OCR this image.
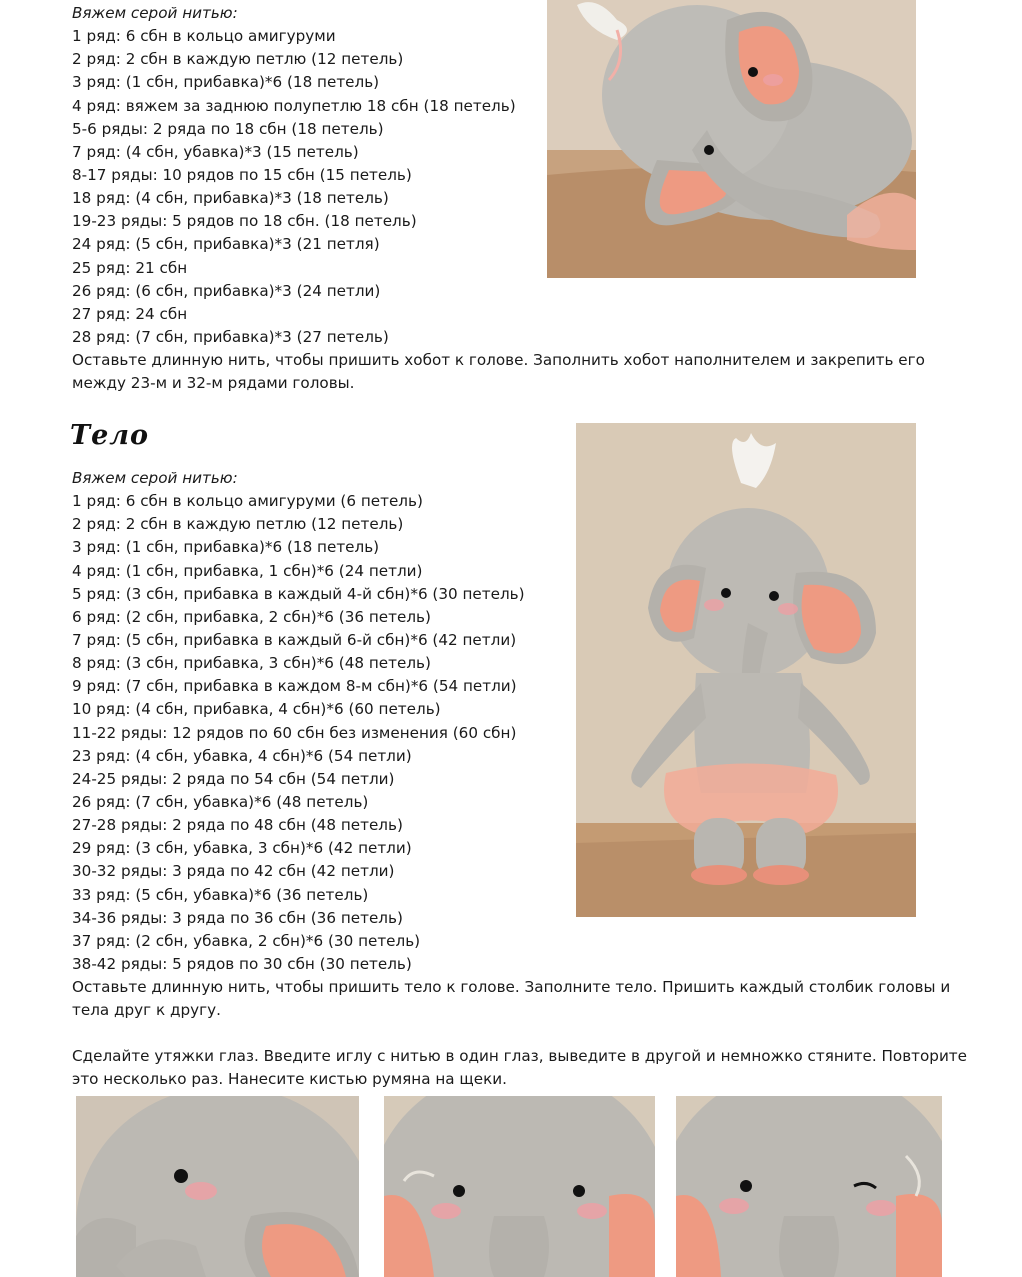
Вяжем серой нитью:
1 ряд: 6 сбн в кольцо амигуруми
2 ряд: 2 сбн в каждую петлю (12 петель)
3 ряд: (1 сбн, прибавка)*6 (18 петель)
4 ряд: вяжем за заднюю полупетлю 18 сбн (18 петель)
5-6 ряды: 2 ряда по 18 сбн (18 петель)
7 ряд: (4 сбн, убавка)*3 (15 петель)
8-17 ряды: 10 рядов по 15 сбн (15 петель)
18 ряд: (4 сбн, прибавка)*3 (18 петель)
19-23 ряды: 5 рядов по 18 сбн. (18 петель)
24 ряд: (5 сбн, прибавка)*3 (21 петля)
25 ряд: 21 сбн
26 ряд: (6 сбн, прибавка)*3 (24 петли)
27 ряд: 24 сбн
28 ряд: (7 сбн, прибавка)*3 (27 петель)
Оставьте длинную нить, чтобы пришить хобот к голове. Заполнить хобот наполнителем и закрепить его
между 23-м и 32-м рядами головы.
Тело
Вяжем серой нитью:
1 ряд: 6 сбн в кольцо амигуруми (6 петель)
2 ряд: 2 сбн в каждую петлю (12 петель)
3 ряд: (1 сбн, прибавка)*6 (18 петель)
4 ряд: (1 сбн, прибавка, 1 сбн)*6 (24 петли)
5 ряд: (3 сбн, прибавка в каждый 4-й сбн)*6 (30 петель)
6 ряд: (2 сбн, прибавка, 2 сбн)*6 (36 петель)
7 ряд: (5 сбн, прибавка в каждый 6-й сбн)*6 (42 петли)
8 ряд: (3 сбн, прибавка, 3 сбн)*6 (48 петель)
9 ряд: (7 сбн, прибавка в каждом 8-м сбн)*6 (54 петли)
10 ряд: (4 сбн, прибавка, 4 сбн)*6 (60 петель)
11-22 ряды: 12 рядов по 60 сбн без изменения (60 сбн)
23 ряд: (4 сбн, убавка, 4 сбн)*6 (54 петли)
24-25 ряды: 2 ряда по 54 сбн (54 петли)
26 ряд: (7 сбн, убавка)*6 (48 петель)
27-28 ряды: 2 ряда по 48 сбн (48 петель)
29 ряд: (3 сбн, убавка, 3 сбн)*6 (42 петли)
30-32 ряды: 3 ряда по 42 сбн (42 петли)
33 ряд: (5 сбн, убавка)*6 (36 петель)
34-36 ряды: 3 ряда по 36 сбн (36 петель)
37 ряд: (2 сбн, убавка, 2 сбн)*6 (30 петель)
38-42 ряды: 5 рядов по 30 сбн (30 петель)
Оставьте длинную нить, чтобы пришить тело к голове. Заполните тело. Пришить каждый столбик головы и
тела друг к другу.
Сделайте утяжки глаз. Введите иглу с нитью в один глаз, выведите в другой и немножко стяните. Повторите
это несколько раз. Нанесите кистью румяна на щеки.
